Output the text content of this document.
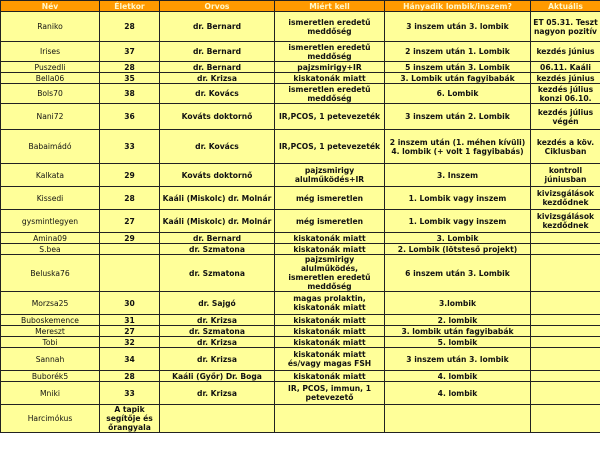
Név	Életkor	Orvos	Miért kell	Hányadik lombik/inszem?	Aktuális
Raniko	28	dr. Bernard	ismeretlen eredetű meddőség	3 inszem után 3. lombik	ET 05.31. Teszt nagyon pozitív
Irises	37	dr. Bernard	ismeretlen eredetű meddőség	2 inszem után 1. Lombik	kezdés június
Puszedli	28	dr. Bernard	pajzsmirigy+IR	5 inszem után 3. Lombik	06.11. Kaáli
Bella06	35	dr. Krizsa	kiskatonák miatt	3. Lombik után fagyibabák	kezdés június
Bols70	38	dr. Kovács	ismeretlen eredetű meddőség	6. Lombik	kezdés július konzi 06.10.
Nani72	36	Kováts doktornő	IR,PCOS, 1 petevezeték	3 inszem után 2. Lombik	kezdés július végén
Babaimádó	33	dr. Kovács	IR,PCOS, 1 petevezeték	2 inszem után (1. méhen kívüli) 4. lombik (+ volt 1 fagyibabás)	kezdés a köv. Ciklusban
Kalkata	29	Kováts doktornő	pajzsmirigy alulműködés+IR	3. Inszem	kontroll júniusban
Kissedi	28	Kaáli (Miskolc) dr. Molnár	még ismeretlen	1. Lombik vagy inszem	kivizsgálások kezdődnek
gysmintlegyen	27	Kaáli (Miskolc) dr. Molnár	még ismeretlen	1. Lombik vagy inszem	kivizsgálások kezdődnek
Amina09	29	dr. Bernard	kiskatonák miatt	3. Lombik	
S.bea		dr. Szmatona	kiskatonák miatt	2. Lombik (lötsteső projekt)	
Beluska76		dr. Szmatona	pajzsmirigy alulműködés, ismeretlen eredetű meddőség	6 inszem után 3. Lombik	
Morzsa25	30	dr. Sajgó	magas prolaktin, kiskatonák miatt	3.lombik	
Buboskemence	31	dr. Krizsa	kiskatonák miatt	2. lombik	
Mereszt	27	dr. Szmatona	kiskatonák miatt	3. lombik után fagyibabák	
Tobi	32	dr. Krizsa	kiskatonák miatt	5. lombik	
Sannah	34	dr. Krizsa	kiskatonák miatt és/vagy magas FSH	3 inszem után 3. lombik	
Buborék5	28	Kaáli (Győr) Dr. Boga	kiskatonák miatt	4. lombik	
Mniki	33	dr. Krizsa	IR, PCOS, immun, 1 petevezető	4. lombik	
Harcimókus	A tapik segítője és őrangyala				
